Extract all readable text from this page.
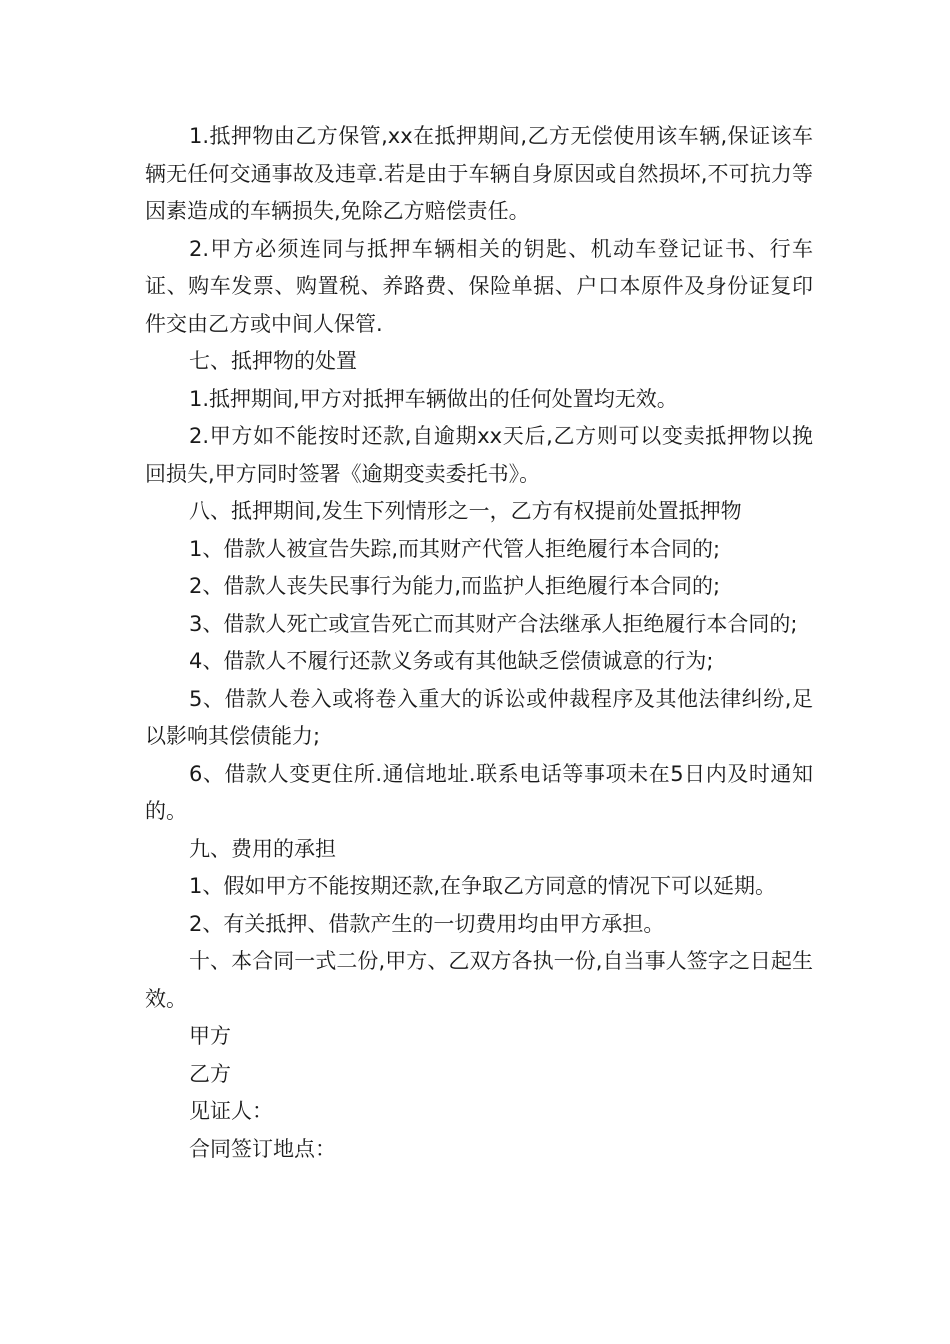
1.抵押物由乙方保管,xx在抵押期间,乙方无偿使用该车辆,保证该车辆无任何交通事故及违章.若是由于车辆自身原因或自然损坏,不可抗力等因素造成的车辆损失,免除乙方赔偿责任。

2.甲方必须连同与抵押车辆相关的钥匙、机动车登记证书、行车证、购车发票、购置税、养路费、保险单据、户口本原件及身份证复印件交由乙方或中间人保管.

七、抵押物的处置

1.抵押期间,甲方对抵押车辆做出的任何处置均无效。

2.甲方如不能按时还款,自逾期xx天后,乙方则可以变卖抵押物以挽回损失,甲方同时签署《逾期变卖委托书》。

八、抵押期间,发生下列情形之一，乙方有权提前处置抵押物

1、借款人被宣告失踪,而其财产代管人拒绝履行本合同的;

2、借款人丧失民事行为能力,而监护人拒绝履行本合同的;

3、借款人死亡或宣告死亡而其财产合法继承人拒绝履行本合同的;

4、借款人不履行还款义务或有其他缺乏偿债诚意的行为;

5、借款人卷入或将卷入重大的诉讼或仲裁程序及其他法律纠纷,足以影响其偿债能力;

6、借款人变更住所.通信地址.联系电话等事项未在5日内及时通知的。

九、费用的承担

1、假如甲方不能按期还款,在争取乙方同意的情况下可以延期。

2、有关抵押、借款产生的一切费用均由甲方承担。

十、本合同一式二份,甲方、乙双方各执一份,自当事人签字之日起生效。

甲方

乙方

见证人：

合同签订地点：
